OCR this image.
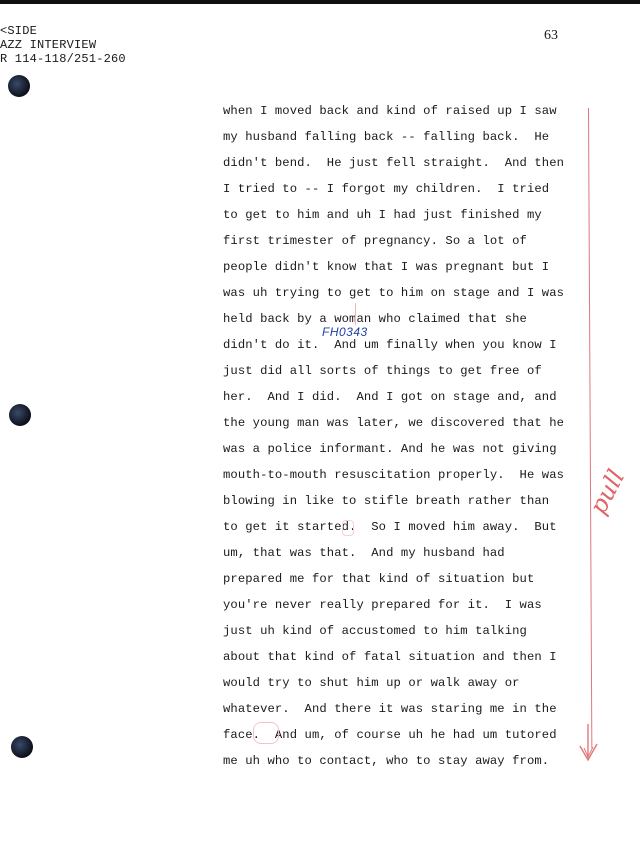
<SIDE
AZZ INTERVIEW
R 114-118/251-260
63
when I moved back and kind of raised up I saw
my husband falling back -- falling back.  He
didn't bend.  He just fell straight.  And then
I tried to -- I forgot my children.  I tried
to get to him and uh I had just finished my
first trimester of pregnancy. So a lot of
people didn't know that I was pregnant but I
was uh trying to get to him on stage and I was
held back by a woman who claimed that she
didn't do it.  And um finally when you know I
just did all sorts of things to get free of
her.  And I did.  And I got on stage and, and
the young man was later, we discovered that he
was a police informant. And he was not giving
mouth-to-mouth resuscitation properly.  He was
blowing in like to stifle breath rather than
to get it started.  So I moved him away.  But
um, that was that.  And my husband had
prepared me for that kind of situation but
you're never really prepared for it.  I was
just uh kind of accustomed to him talking
about that kind of fatal situation and then I
would try to shut him up or walk away or
whatever.  And there it was staring me in the
face.  And um, of course uh he had um tutored
me uh who to contact, who to stay away from.
FH0343
pull
